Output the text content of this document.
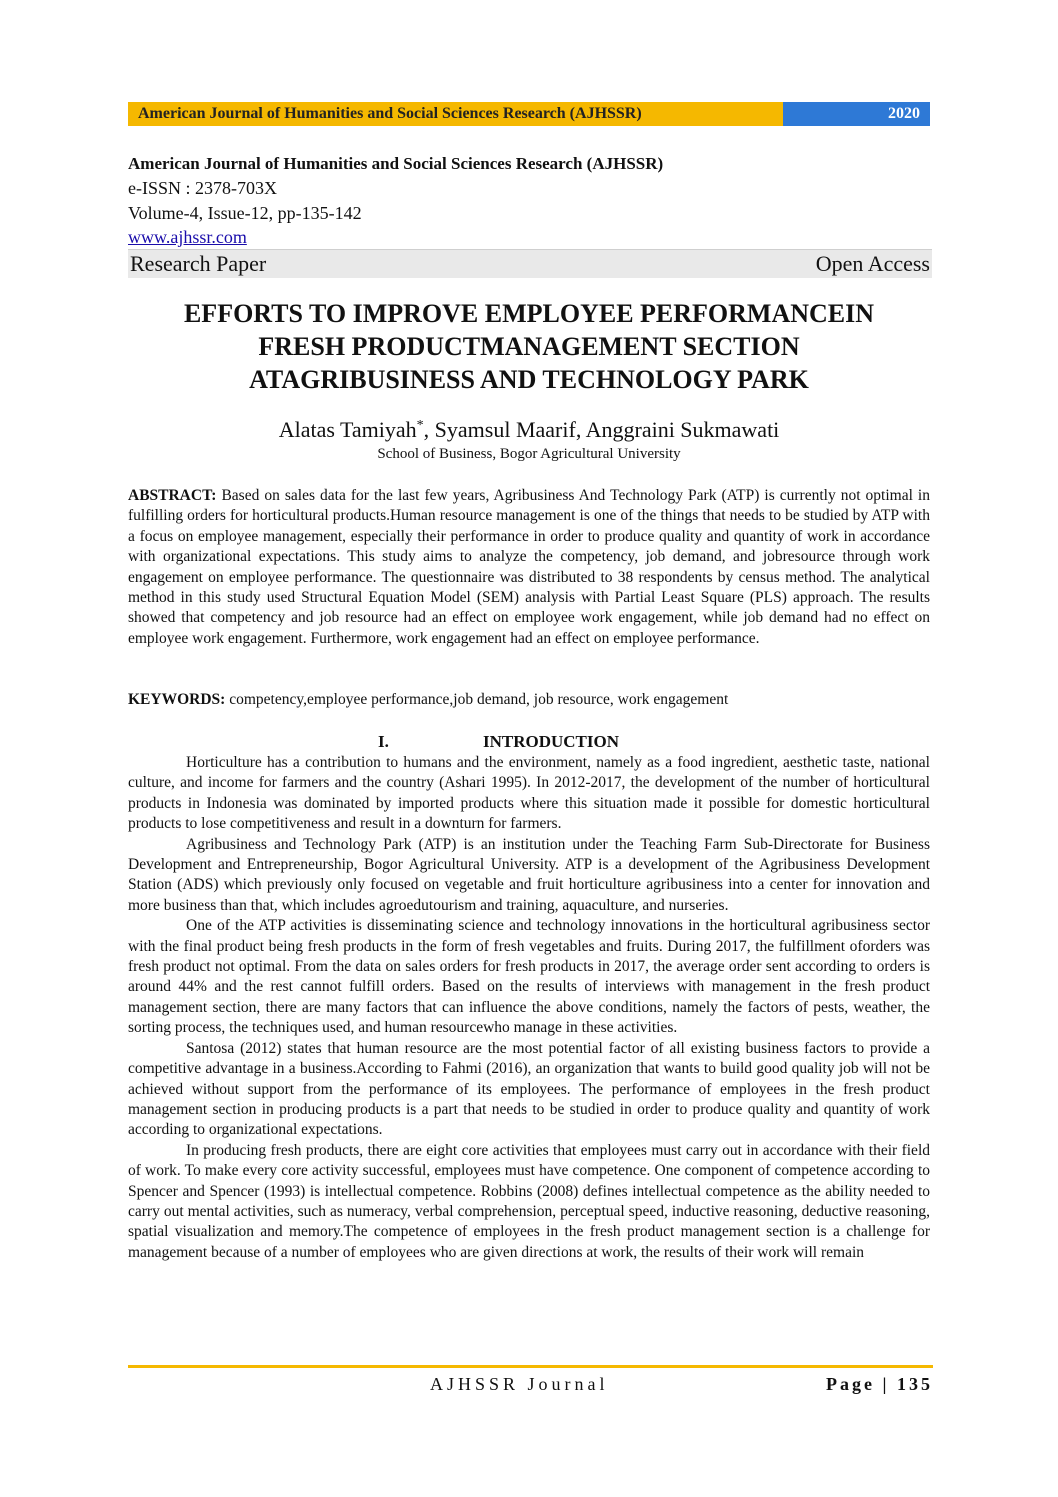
American Journal of Humanities and Social Sciences Research (AJHSSR)	2020
American Journal of Humanities and Social Sciences Research (AJHSSR)
e-ISSN : 2378-703X
Volume-4, Issue-12, pp-135-142
www.ajhssr.com
Research Paper	Open Access
EFFORTS TO IMPROVE EMPLOYEE PERFORMANCEIN
FRESH PRODUCTMANAGEMENT SECTION
ATAGRIBUSINESS AND TECHNOLOGY PARK
Alatas Tamiyah*, Syamsul Maarif, Anggraini Sukmawati
School of Business, Bogor Agricultural University
ABSTRACT: Based on sales data for the last few years, Agribusiness And Technology Park (ATP) is currently not optimal in fulfilling orders for horticultural products.Human resource management is one of the things that needs to be studied by ATP with a focus on employee management, especially their performance in order to produce quality and quantity of work in accordance with organizational expectations. This study aims to analyze the competency, job demand, and jobresource through work engagement on employee performance. The questionnaire was distributed to 38 respondents by census method. The analytical method in this study used Structural Equation Model (SEM) analysis with Partial Least Square (PLS) approach. The results showed that competency and job resource had an effect on employee work engagement, while job demand had no effect on employee work engagement. Furthermore, work engagement had an effect on employee performance.
KEYWORDS: competency,employee performance,job demand, job resource, work engagement
I.	INTRODUCTION

Horticulture has a contribution to humans and the environment, namely as a food ingredient, aesthetic taste, national culture, and income for farmers and the country (Ashari 1995). In 2012-2017, the development of the number of horticultural products in Indonesia was dominated by imported products where this situation made it possible for domestic horticultural products to lose competitiveness and result in a downturn for farmers.

Agribusiness and Technology Park (ATP) is an institution under the Teaching Farm Sub-Directorate for Business Development and Entrepreneurship, Bogor Agricultural University. ATP is a development of the Agribusiness Development Station (ADS) which previously only focused on vegetable and fruit horticulture agribusiness into a center for innovation and more business than that, which includes agroedutourism and training, aquaculture, and nurseries.

One of the ATP activities is disseminating science and technology innovations in the horticultural agribusiness sector with the final product being fresh products in the form of fresh vegetables and fruits. During 2017, the fulfillment oforders was fresh product not optimal. From the data on sales orders for fresh products in 2017, the average order sent according to orders is around 44% and the rest cannot fulfill orders. Based on the results of interviews with management in the fresh product management section, there are many factors that can influence the above conditions, namely the factors of pests, weather, the sorting process, the techniques used, and human resourcewho manage in these activities.

Santosa (2012) states that human resource are the most potential factor of all existing business factors to provide a competitive advantage in a business.According to Fahmi (2016), an organization that wants to build good quality job will not be achieved without support from the performance of its employees. The performance of employees in the fresh product management section in producing products is a part that needs to be studied in order to produce quality and quantity of work according to organizational expectations.

In producing fresh products, there are eight core activities that employees must carry out in accordance with their field of work. To make every core activity successful, employees must have competence. One component of competence according to Spencer and Spencer (1993) is intellectual competence. Robbins (2008) defines intellectual competence as the ability needed to carry out mental activities, such as numeracy, verbal comprehension, perceptual speed, inductive reasoning, deductive reasoning, spatial visualization and memory.The competence of employees in the fresh product management section is a challenge for management because of a number of employees who are given directions at work, the results of their work will remain

AJHSSR Journal	Page | 135
